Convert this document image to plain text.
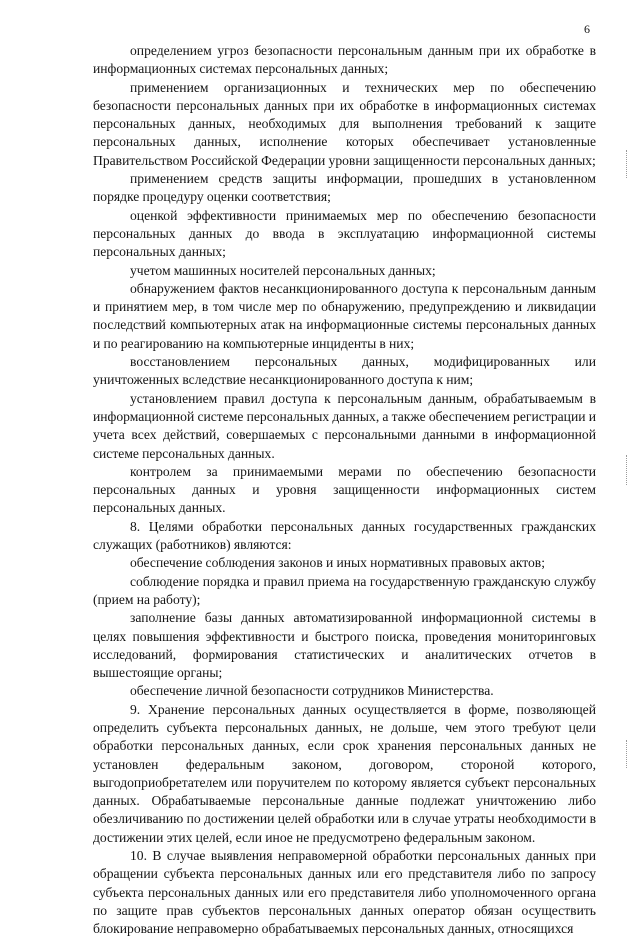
6

определением угроз безопасности персональным данным при их обработке в информационных системах персональных данных;

применением организационных и технических мер по обеспечению безопасности персональных данных при их обработке в информационных системах персональных данных, необходимых для выполнения требований к защите персональных данных, исполнение которых обеспечивает установленные Правительством Российской Федерации уровни защищенности персональных данных;

применением средств защиты информации, прошедших в установленном порядке процедуру оценки соответствия;

оценкой эффективности принимаемых мер по обеспечению безопасности персональных данных до ввода в эксплуатацию информационной системы персональных данных;

учетом машинных носителей персональных данных;

обнаружением фактов несанкционированного доступа к персональным данным и принятием мер, в том числе мер по обнаружению, предупреждению и ликвидации последствий компьютерных атак на информационные системы персональных данных и по реагированию на компьютерные инциденты в них;

восстановлением персональных данных, модифицированных или уничтоженных вследствие несанкционированного доступа к ним;

установлением правил доступа к персональным данным, обрабатываемым в информационной системе персональных данных, а также обеспечением регистрации и учета всех действий, совершаемых с персональными данными в информационной системе персональных данных.

контролем за принимаемыми мерами по обеспечению безопасности персональных данных и уровня защищенности информационных систем персональных данных.

8. Целями обработки персональных данных государственных гражданских служащих (работников) являются:

обеспечение соблюдения законов и иных нормативных правовых актов;

соблюдение порядка и правил приема на государственную гражданскую службу (прием на работу);

заполнение базы данных автоматизированной информационной системы в целях повышения эффективности и быстрого поиска, проведения мониторинговых исследований, формирования статистических и аналитических отчетов в вышестоящие органы;

обеспечение личной безопасности сотрудников Министерства.

9. Хранение персональных данных осуществляется в форме, позволяющей определить субъекта персональных данных, не дольше, чем этого требуют цели обработки персональных данных, если срок хранения персональных данных не установлен федеральным законом, договором, стороной которого, выгодоприобретателем или поручителем по которому является субъект персональных данных. Обрабатываемые персональные данные подлежат уничтожению либо обезличиванию по достижении целей обработки или в случае утраты необходимости в достижении этих целей, если иное не предусмотрено федеральным законом.

10. В случае выявления неправомерной обработки персональных данных при обращении субъекта персональных данных или его представителя либо по запросу субъекта персональных данных или его представителя либо уполномоченного органа по защите прав субъектов персональных данных оператор обязан осуществить блокирование неправомерно обрабатываемых персональных данных, относящихся
